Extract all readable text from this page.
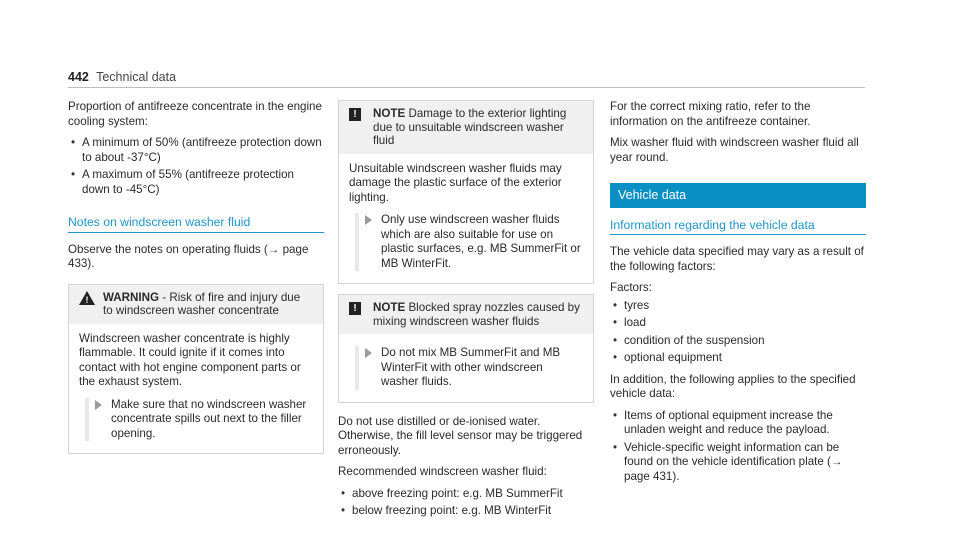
442 Technical data

Proportion of antifreeze concentrate in the engine cooling system:

• A minimum of 50% (antifreeze protection down to about -37°C)
• A maximum of 55% (antifreeze protection down to -45°C)
Notes on windscreen washer fluid

Observe the notes on operating fluids (→ page 433).

! WARNING - Risk of fire and injury due to windscreen washer concentrate

Windscreen washer concentrate is highly flammable. It could ignite if it comes into contact with hot engine component parts or the exhaust system.

Make sure that no windscreen washer concentrate spills out next to the filler opening.
!	NOTE Damage to the exterior lighting due to unsuitable windscreen washer fluid

Unsuitable windscreen washer fluids may damage the plastic surface of the exterior lighting.

Only use windscreen washer fluids which are also suitable for use on plastic surfaces, e.g. MB SummerFit or MB WinterFit.
!	NOTE Blocked spray nozzles caused by mixing windscreen washer fluids
Do not mix MB SummerFit and MB WinterFit with other windscreen washer fluids.

Do not use distilled or de-ionised water. Otherwise, the fill level sensor may be triggered erroneously.

Recommended windscreen washer fluid:

• above freezing point: e.g. MB SummerFit
• below freezing point: e.g. MB WinterFit

For the correct mixing ratio, refer to the information on the antifreeze container.

Mix washer fluid with windscreen washer fluid all year round.

Vehicle data
Information regarding the vehicle data

The vehicle data specified may vary as a result of the following factors:

Factors:

• tyres
• load
• condition of the suspension
• optional equipment

In addition, the following applies to the specified vehicle data:

• Items of optional equipment increase the unladen weight and reduce the payload.
• Vehicle-specific weight information can be found on the vehicle identification plate (→ page 431).
